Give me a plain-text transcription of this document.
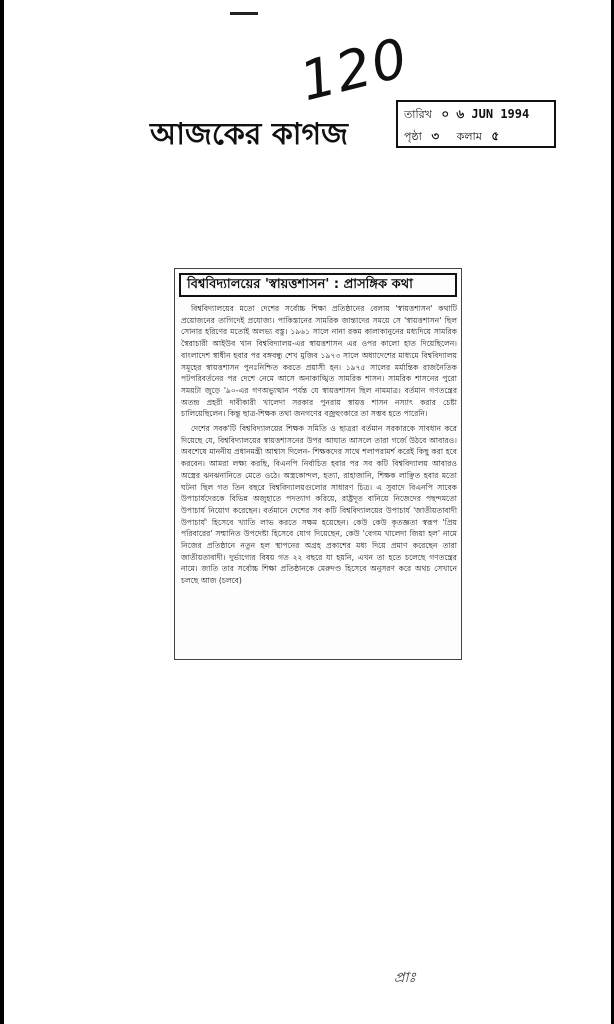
120
আজকের কাগজ
তারিখ ০ ৬ JUN 1994
পৃষ্ঠা ৩ কলাম ৫
বিশ্ববিদ্যালয়ের 'স্বায়ত্তশাসন' : প্রাসঙ্গিক কথা

বিশ্ববিদ্যালয়ের মতো দেশের সর্বোচ্চ শিক্ষা প্রতিষ্ঠানের বেলায় 'স্বায়ত্তশাসন' কথাটি প্রয়োজনের তাগিদেই প্রযোজ্য। পাকিস্তানের সামরিক জান্তাদের সময়ে সে 'স্বায়ত্তশাসন' ছিল সোনার হরিণের মতোই অলভ্য বস্তু। ১৯৬১ সালে নানা রকম কালাকানুনের মধ্যদিয়ে সামরিক স্বৈরাচারী আইউব খান বিশ্ববিদ্যালয়-এর স্বায়ত্তশাসন এর ওপর কালো হাত দিয়েছিলেন। বাংলাদেশ স্বাধীন হবার পর বঙ্গবন্ধু শেখ মুজিব ১৯৭৩ সালে অধ্যাদেশের মাধ্যমে বিশ্ববিদ্যালয় সমূহের স্বায়ত্তশাসন পুনঃনিশ্চিত করতে প্রয়াসী হন। ১৯৭৫ সালের মর্মান্তিক রাজনৈতিক পটপরিবর্তনের পর দেশে নেমে আসে অনাকাঙ্খিত সামরিক শাসন। সামরিক শাসনের পুরো সময়টা জুড়ে '৯০-এর গণঅভ্যুত্থান পর্যন্ত যে স্বায়ত্তশাসন ছিল নামমাত্র। বর্তমান গণতন্ত্রের অতন্দ্র প্রহরী দাবীকারী খালেদা সরকার পুনরায় স্বায়ত্ত শাসন নস্যাৎ করার চেষ্টা চালিয়েছিলেন। কিন্তু ছাত্র-শিক্ষক তথা জনগণের বজ্রহুংকারে তা সম্ভব হতে পারেনি।

দেশের সবক'টি বিশ্ববিদ্যালয়ের শিক্ষক সমিতি ও ছাত্ররা বর্তমান সরকারকে সাবধান করে দিয়েছে যে, বিশ্ববিদ্যালয়ের স্বায়ত্তশাসনের উপর আঘাত আসলে তারা গর্জে উঠবে আবারও। অবশেষে মাননীয় প্রধানমন্ত্রী আশ্বাস দিলেন- শিক্ষকদের সাথে শলাপরামর্শ করেই কিছু করা হবে করবেন। আমরা লক্ষ্য করছি, বিএনপি নির্বাচিত হবার পর সব কটি বিশ্ববিদ্যালয় আবারও অস্ত্রের ঝনঝনানিতে মেতে ওঠে। অস্ত্রকোন্দল, হত্যা, রাহাজানি, শিক্ষক লাঞ্ছিত হবার মতো ঘটনা ছিল গত তিন বছরে বিশ্ববিদ্যালয়গুলোর সাধারণ চিত্র। এ সুবাদে বিএনপি সাবেক উপাচার্যদেরকে বিভিন্ন অজুহাতে পদত্যাগ করিয়ে, রাষ্ট্রদূত বানিয়ে নিজেদের পছন্দমতো উপাচার্য নিয়োগ করেছেন। বর্তমানে দেশের সব কটি বিশ্ববিদ্যালয়ের উপাচার্য 'জাতীয়তাবাদী উপাচার্য' হিসেবে খ্যাতি লাভ করতে সক্ষম হয়েছেন। কেউ কেউ কৃতজ্ঞতা স্বরূপ 'প্রিয় পরিবারের' সম্মানিত উপদেষ্টা হিসেবে যোগ দিয়েছেন, কেউ 'বেগম খালেদা জিয়া হল' নামে নিজের প্রতিষ্ঠানে নতুন হল স্থাপনের অগ্রহ প্রকাশের মধ্য দিয়ে প্রমাণ করেছেন তারা জাতীয়তাবাদী। দুর্ভাগ্যের বিষয় গত ২২ বছরে যা হয়নি, এখন তা হতে চলেছে গণতন্ত্রের নামে। জাতি তার সর্বোচ্চ শিক্ষা প্রতিষ্ঠানকে মেরুদণ্ড হিসেবে অনুসরণ করে অথচ সেখানে চলছে আজ (চলবে)

প্রাঃ
